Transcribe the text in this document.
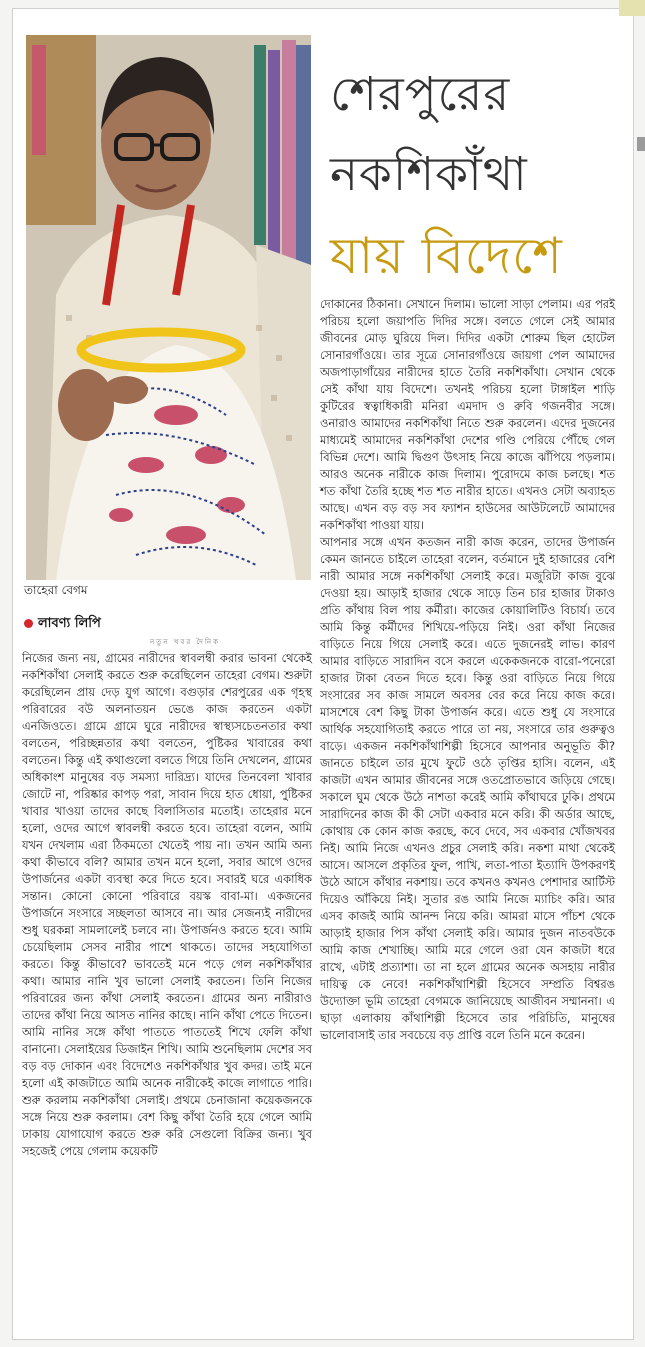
তাহেরা বেগম
শেরপুরের
নকশিকাঁথা
যায় বিদেশে
লাবণ্য লিপি
নতুন খবর দৈনিক

নিজের জন্য নয়, গ্রামের নারীদের স্বাবলম্বী করার ভাবনা থেকেই নকশিকাঁথা সেলাই করতে শুরু করেছিলেন তাহেরা বেগম। শুরুটা করেছিলেন প্রায় দেড় যুগ আগে। বগুড়ার শেরপুরের এক গৃহস্থ পরিবারের বউ অলনাতয়ন ভেঙে কাজ করতেন একটা এনজিওতে। গ্রামে গ্রামে ঘুরে নারীদের স্বাস্থ্যসচেতনতার কথা বলতেন, পরিচ্ছন্নতার কথা বলতেন, পুষ্টিকর খাবারের কথা বলতেন। কিন্তু এই কথাগুলো বলতে গিয়ে তিনি দেখলেন, গ্রামের অধিকাংশ মানুষের বড় সমস্যা দারিদ্র্য। যাদের তিনবেলা খাবার জোটে না, পরিষ্কার কাপড় পরা, সাবান দিয়ে হাত ধোয়া, পুষ্টিকর খাবার খাওয়া তাদের কাছে বিলাসিতার মতোই। তাহেরার মনে হলো, ওদের আগে স্বাবলম্বী করতে হবে। তাহেরা বলেন, আমি যখন দেখলাম এরা ঠিকমতো খেতেই পায় না। তখন আমি অন্য কথা কীভাবে বলি? আমার তখন মনে হলো, সবার আগে ওদের উপার্জনের একটা ব্যবস্থা করে দিতে হবে। সবারই ঘরে একাধিক সন্তান। কোনো কোনো পরিবারে বয়স্ক বাবা-মা। একজনের উপার্জনে সংসারে সচ্ছলতা আসবে না। আর সেজন্যই নারীদের শুধু ঘরকন্না সামলালেই চলবে না। উপার্জনও করতে হবে। আমি চেয়েছিলাম সেসব নারীর পাশে থাকতে। তাদের সহযোগিতা করতে। কিন্তু কীভাবে? ভাবতেই মনে পড়ে গেল নকশিকাঁথার কথা। আমার নানি খুব ভালো সেলাই করতেন। তিনি নিজের পরিবারের জন্য কাঁথা সেলাই করতেন। গ্রামের অন্য নারীরাও তাদের কাঁথা নিয়ে আসত নানির কাছে। নানি কাঁথা পেতে দিতেন। আমি নানির সঙ্গে কাঁথা পাততে পাততেই শিখে ফেলি কাঁথা বানানো। সেলাইয়ের ডিজাইন শিখি। আমি শুনেছিলাম দেশের সব বড় বড় দোকান এবং বিদেশেও নকশিকাঁথার খুব কদর। তাই মনে হলো এই কাজটাতে আমি অনেক নারীকেই কাজে লাগাতে পারি। শুরু করলাম নকশিকাঁথা সেলাই। প্রথমে চেনাজানা কয়েকজনকে সঙ্গে নিয়ে শুরু করলাম। বেশ কিছু কাঁথা তৈরি হয়ে গেলে আমি ঢাকায় যোগাযোগ করতে শুরু করি সেগুলো বিক্রির জন্য। খুব সহজেই পেয়ে গেলাম কয়েকটি

দোকানের ঠিকানা। সেখানে দিলাম। ভালো সাড়া পেলাম। এর পরই পরিচয় হলো জয়াপতি দিদির সঙ্গে। বলতে গেলে সেই আমার জীবনের মোড় ঘুরিয়ে দিল। দিদির একটা শোরুম ছিল হোটেল সোনারগাঁওয়ে। তার সূত্রে সোনারগাঁওয়ে জায়গা পেল আমাদের অজপাড়াগাঁয়ের নারীদের হাতে তৈরি নকশিকাঁথা। সেখান থেকে সেই কাঁথা যায় বিদেশে। তখনই পরিচয় হলো টাঙ্গাইল শাড়ি কুটিরের স্বত্বাধিকারী মনিরা এমদাদ ও রুবি গজনবীর সঙ্গে। ওনারাও আমাদের নকশিকাঁথা নিতে শুরু করলেন। এদের দুজনের মাধ্যমেই আমাদের নকশিকাঁথা দেশের গণ্ডি পেরিয়ে পৌঁছে গেল বিভিন্ন দেশে। আমি দ্বিগুণ উৎসাহ নিয়ে কাজে ঝাঁপিয়ে পড়লাম। আরও অনেক নারীকে কাজ দিলাম। পুরোদমে কাজ চলছে। শত শত কাঁথা তৈরি হচ্ছে শত শত নারীর হাতে। এখনও সেটা অব্যাহত আছে। এখন বড় বড় সব ফ্যাশন হাউসের আউটলেটে আমাদের নকশিকাঁথা পাওয়া যায়।

আপনার সঙ্গে এখন কতজন নারী কাজ করেন, তাদের উপার্জন কেমন জানতে চাইলে তাহেরা বলেন, বর্তমানে দুই হাজারের বেশি নারী আমার সঙ্গে নকশিকাঁথা সেলাই করে। মজুরিটা কাজ বুঝে দেওয়া হয়। আড়াই হাজার থেকে সাড়ে তিন চার হাজার টাকাও প্রতি কাঁথায় বিল পায় কর্মীরা। কাজের কোয়ালিটিও বিচার্য। তবে আমি কিন্তু কর্মীদের শিখিয়ে-পড়িয়ে নিই। ওরা কাঁথা নিজের বাড়িতে নিয়ে গিয়ে সেলাই করে। এতে দুজনেরই লাভ। কারণ আমার বাড়িতে সারাদিন বসে করলে একেকজনকে বারো-পনেরো হাজার টাকা বেতন দিতে হবে। কিন্তু ওরা বাড়িতে নিয়ে গিয়ে সংসারের সব কাজ সামলে অবসর বের করে নিয়ে কাজ করে। মাসশেষে বেশ কিছু টাকা উপার্জন করে। এতে শুধু যে সংসারে আর্থিক সহযোগিতাই করতে পারে তা নয়, সংসারে তার গুরুত্বও বাড়ে। একজন নকশিকাঁথাশিল্পী হিসেবে আপনার অনুভূতি কী? জানতে চাইলে তার মুখে ফুটে ওঠে তৃপ্তির হাসি। বলেন, এই কাজটা এখন আমার জীবনের সঙ্গে ওতপ্রোতভাবে জড়িয়ে গেছে। সকালে ঘুম থেকে উঠে নাশতা করেই আমি কাঁথাঘরে ঢুকি। প্রথমে সারাদিনের কাজ কী কী সেটা একবার মনে করি। কী অর্ডার আছে, কোথায় কে কোন কাজ করছে, কবে দেবে, সব একবার খোঁজখবর নিই। আমি নিজে এখনও প্রচুর সেলাই করি। নকশা মাথা থেকেই আসে। আসলে প্রকৃতির ফুল, পাখি, লতা-পাতা ইত্যাদি উপকরণই উঠে আসে কাঁথার নকশায়। তবে কখনও কখনও পেশাদার আর্টিস্ট দিয়েও আঁকিয়ে নিই। সুতার রঙ আমি নিজে ম্যাচিং করি। আর এসব কাজই আমি আনন্দ নিয়ে করি। আমরা মাসে পাঁচশ থেকে আড়াই হাজার পিস কাঁথা সেলাই করি। আমার দুজন নাতবউকে আমি কাজ শেখাচ্ছি। আমি মরে গেলে ওরা যেন কাজটা ধরে রাখে, এটাই প্রত্যাশা। তা না হলে গ্রামের অনেক অসহায় নারীর দায়িত্ব কে নেবে! নকশিকাঁথাশিল্পী হিসেবে সম্প্রতি বিশ্বরঙ উদ্যোক্তা ভূমি তাহেরা বেগমকে জানিয়েছে আজীবন সম্মাননা। এ ছাড়া এলাকায় কাঁথাশিল্পী হিসেবে তার পরিচিতি, মানুষের ভালোবাসাই তার সবচেয়ে বড় প্রাপ্তি বলে তিনি মনে করেন।
